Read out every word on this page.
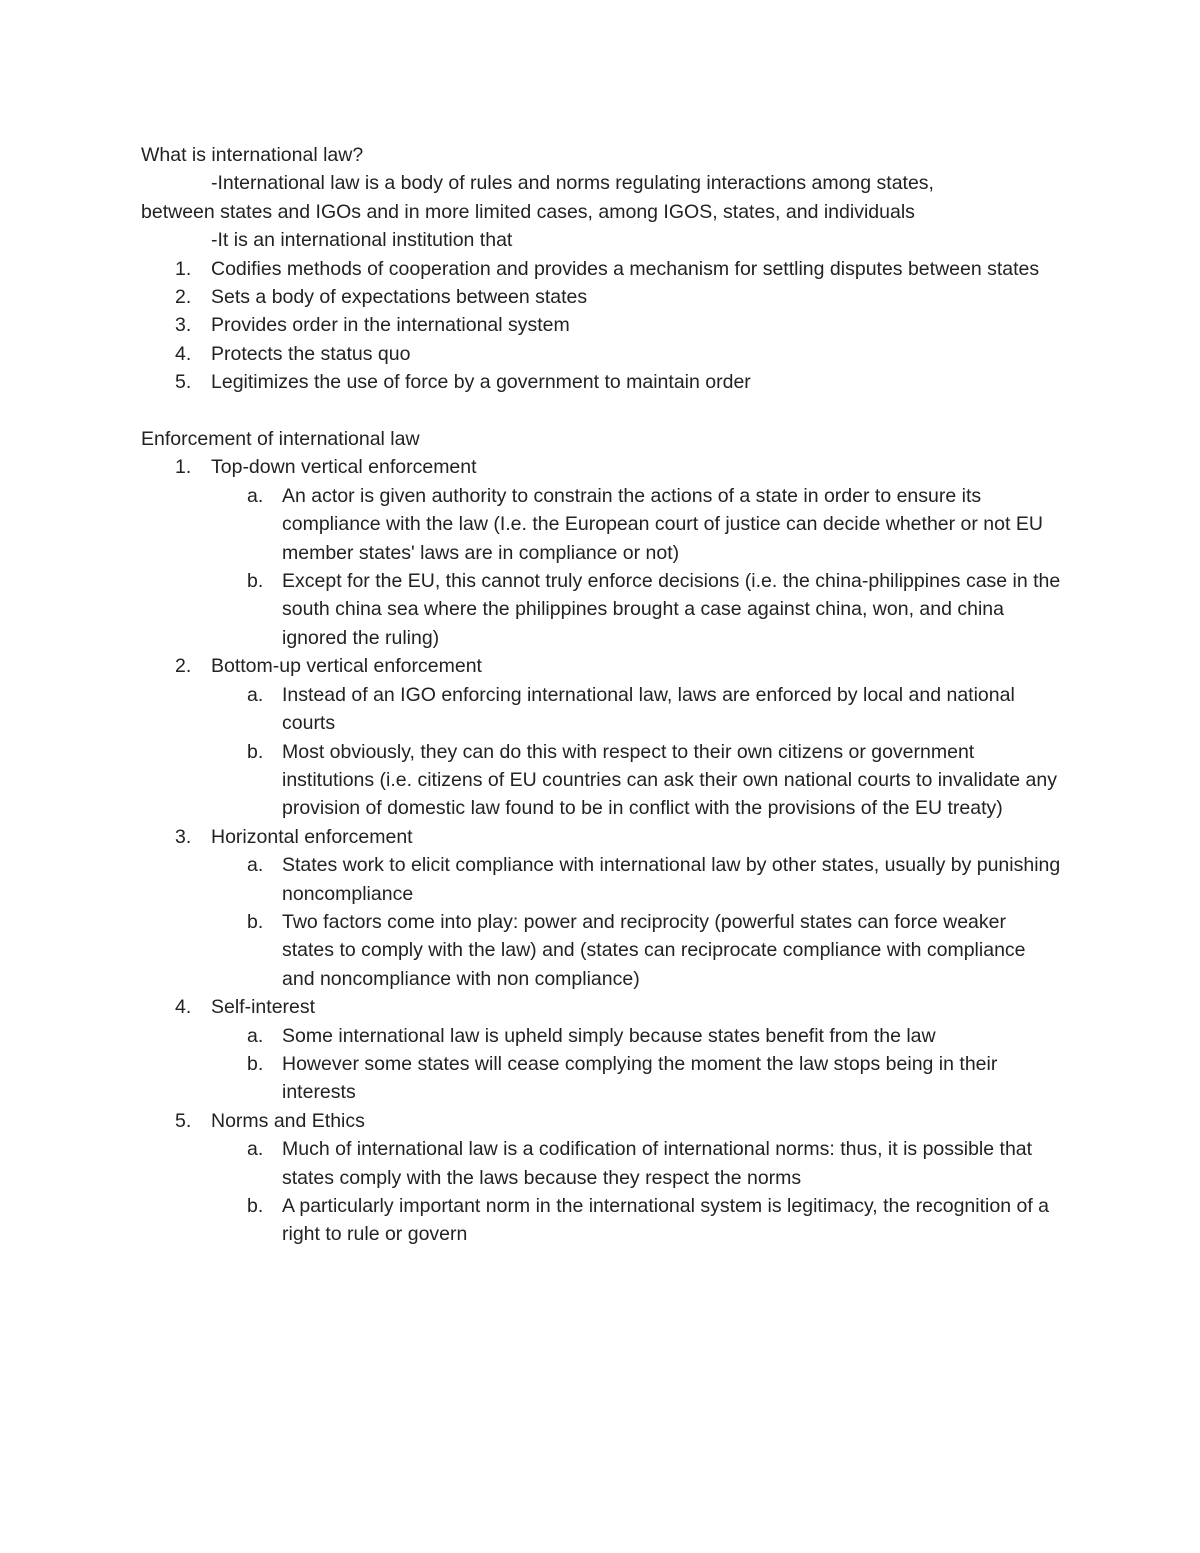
What is international law?

-International law is a body of rules and norms regulating interactions among states,

between states and IGOs and in more limited cases, among IGOS, states, and individuals

-It is an international institution that

1. Codifies methods of cooperation and provides a mechanism for settling disputes between states
2. Sets a body of expectations between states
3. Provides order in the international system
4. Protects the status quo
5. Legitimizes the use of force by a government to maintain order

Enforcement of international law

1. Top-down vertical enforcement
a. An actor is given authority to constrain the actions of a state in order to ensure its compliance with the law (I.e. the European court of justice can decide whether or not EU member states' laws are in compliance or not)
b. Except for the EU, this cannot truly enforce decisions (i.e. the china-philippines case in the south china sea where the philippines brought a case against china, won, and china ignored the ruling)
2. Bottom-up vertical enforcement
a. Instead of an IGO enforcing international law, laws are enforced by local and national courts
b. Most obviously, they can do this with respect to their own citizens or government institutions (i.e. citizens of EU countries can ask their own national courts to invalidate any provision of domestic law found to be in conflict with the provisions of the EU treaty)
3. Horizontal enforcement
a. States work to elicit compliance with international law by other states, usually by punishing noncompliance
b. Two factors come into play: power and reciprocity (powerful states can force weaker states to comply with the law) and (states can reciprocate compliance with compliance and noncompliance with non compliance)
4. Self-interest
a. Some international law is upheld simply because states benefit from the law
b. However some states will cease complying the moment the law stops being in their interests
5. Norms and Ethics
a. Much of international law is a codification of international norms: thus, it is possible that states comply with the laws because they respect the norms
b. A particularly important norm in the international system is legitimacy, the recognition of a right to rule or govern
